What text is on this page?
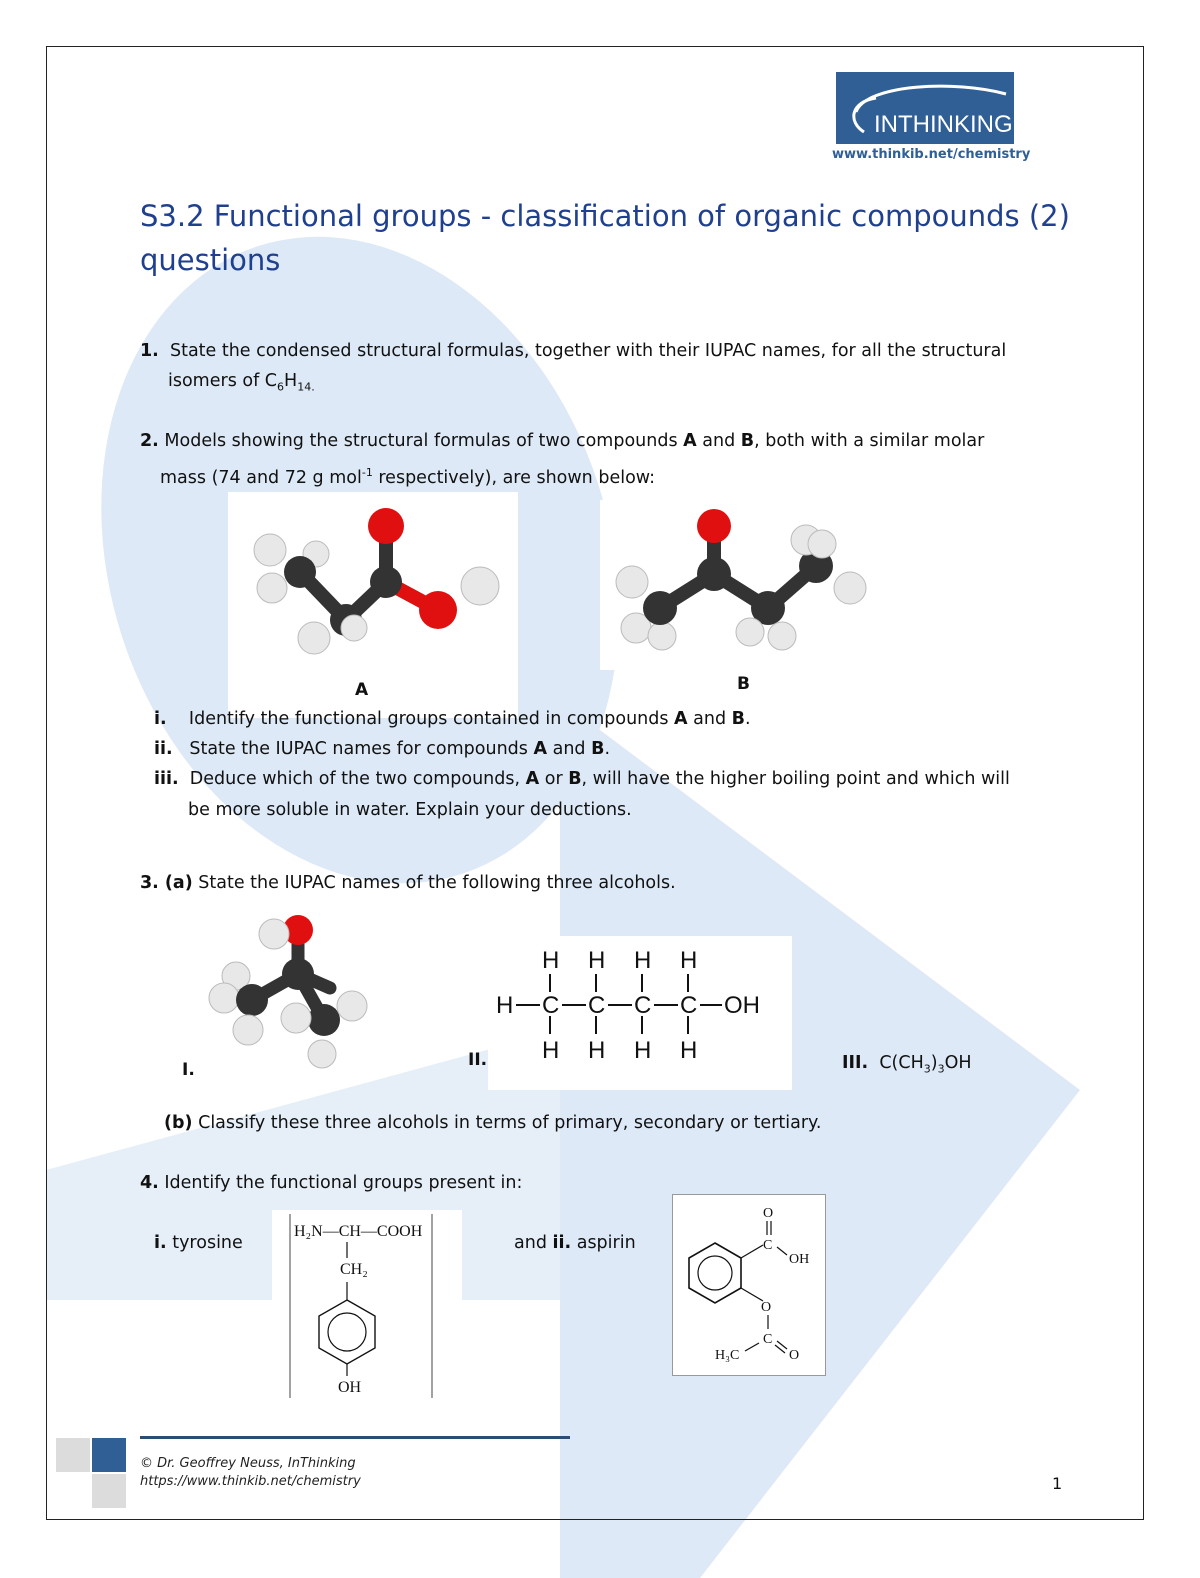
INTHINKING
www.thinkib.net/chemistry
S3.2 Functional groups - classification of organic compounds (2) questions
1. State the condensed structural formulas, together with their IUPAC names, for all the structural
isomers of $C_6H_{14.}$
2. Models showing the structural formulas of two compounds A and B, both with a similar molar
mass (74 and 72 g mol$^{-1}$ respectively), are shown below:
A	B
i. Identify the functional groups contained in compounds A and B.
ii. State the IUPAC names for compounds A and B.
iii. Deduce which of the two compounds, A or B, will have the higher boiling point and which will
be more soluble in water. Explain your deductions.
3. (a) State the IUPAC names of the following three alcohols.
I.	II.
H H H H
H C C C C OH
H H H H	III. $C(CH_3)_3OH$
(b) Classify these three alcohols in terms of primary, secondary or tertiary.
4. Identify the functional groups present in:
i. tyrosine
H₂N—CH—COOH
CH₂
OH
and ii. aspirin	C
O
OH
O
C
H₃C	O
© Dr. Geoffrey Neuss, InThinking
https://www.thinkib.net/chemistry	1
